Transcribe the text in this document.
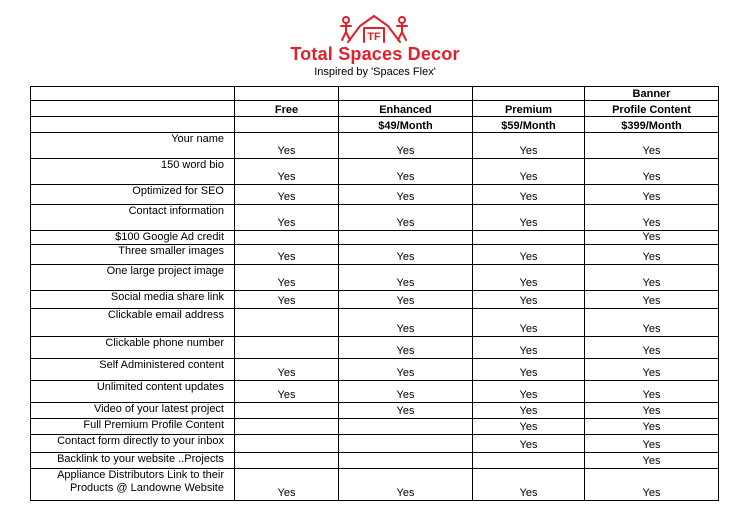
TF
Total Spaces Decor
Inspired by 'Spaces Flex'
				Banner
	Free	Enhanced	Premium	Profile Content
		$49/Month	$59/Month	$399/Month
Your name	Yes	Yes	Yes	Yes
150 word bio	Yes	Yes	Yes	Yes
Optimized for SEO	Yes	Yes	Yes	Yes
Contact information	Yes	Yes	Yes	Yes
$100 Google Ad credit				Yes
Three smaller images	Yes	Yes	Yes	Yes
One large project image	Yes	Yes	Yes	Yes
Social media share link	Yes	Yes	Yes	Yes
Clickable email address		Yes	Yes	Yes
Clickable phone number		Yes	Yes	Yes
Self Administered content	Yes	Yes	Yes	Yes
Unlimited content updates	Yes	Yes	Yes	Yes
Video of your latest project		Yes	Yes	Yes
Full Premium Profile Content			Yes	Yes
Contact form directly to your inbox			Yes	Yes
Backlink to your website ..Projects				Yes
Appliance Distributors Link to their Products @ Landowne Website	Yes	Yes	Yes	Yes
